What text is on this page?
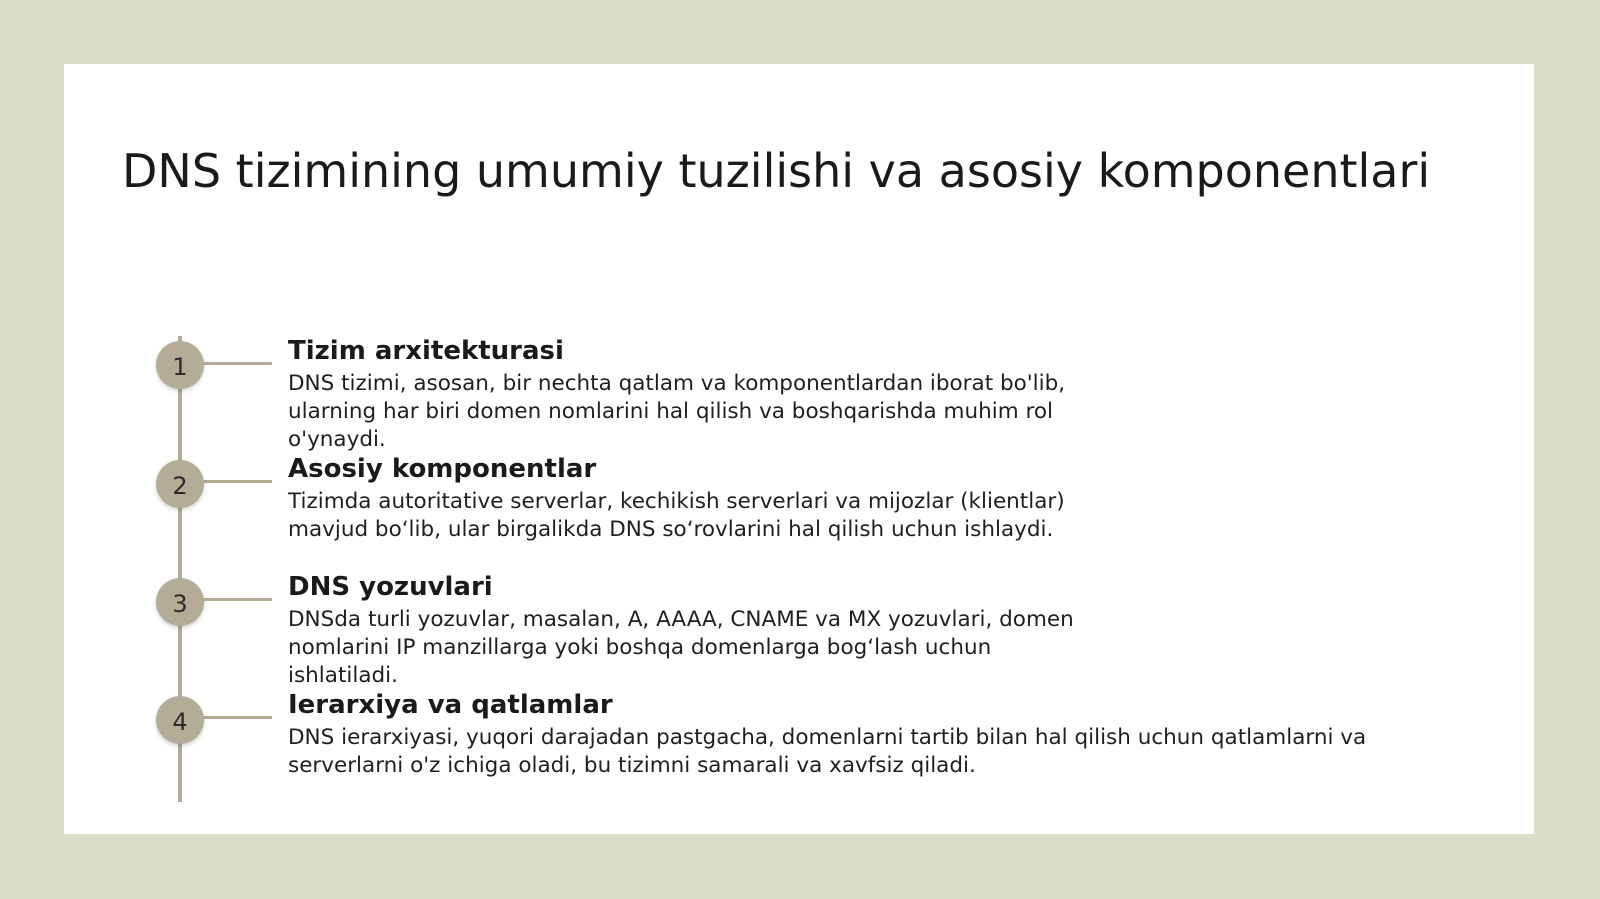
DNS tizimining umumiy tuzilishi va asosiy komponentlari
1
Tizim arxitekturasi

DNS tizimi, asosan, bir nechta qatlam va komponentlardan iborat bo'lib, ularning har biri domen nomlarini hal qilish va boshqarishda muhim rol o'ynaydi.

2
Asosiy komponentlar

Tizimda autoritative serverlar, kechikish serverlari va mijozlar (klientlar) mavjud bo‘lib, ular birgalikda DNS so‘rovlarini hal qilish uchun ishlaydi.

3
DNS yozuvlari

DNSda turli yozuvlar, masalan, A, AAAA, CNAME va MX yozuvlari, domen nomlarini IP manzillarga yoki boshqa domenlarga bog‘lash uchun ishlatiladi.

4
Ierarxiya va qatlamlar

DNS ierarxiyasi, yuqori darajadan pastgacha, domenlarni tartib bilan hal qilish uchun qatlamlarni va serverlarni o'z ichiga oladi, bu tizimni samarali va xavfsiz qiladi.
